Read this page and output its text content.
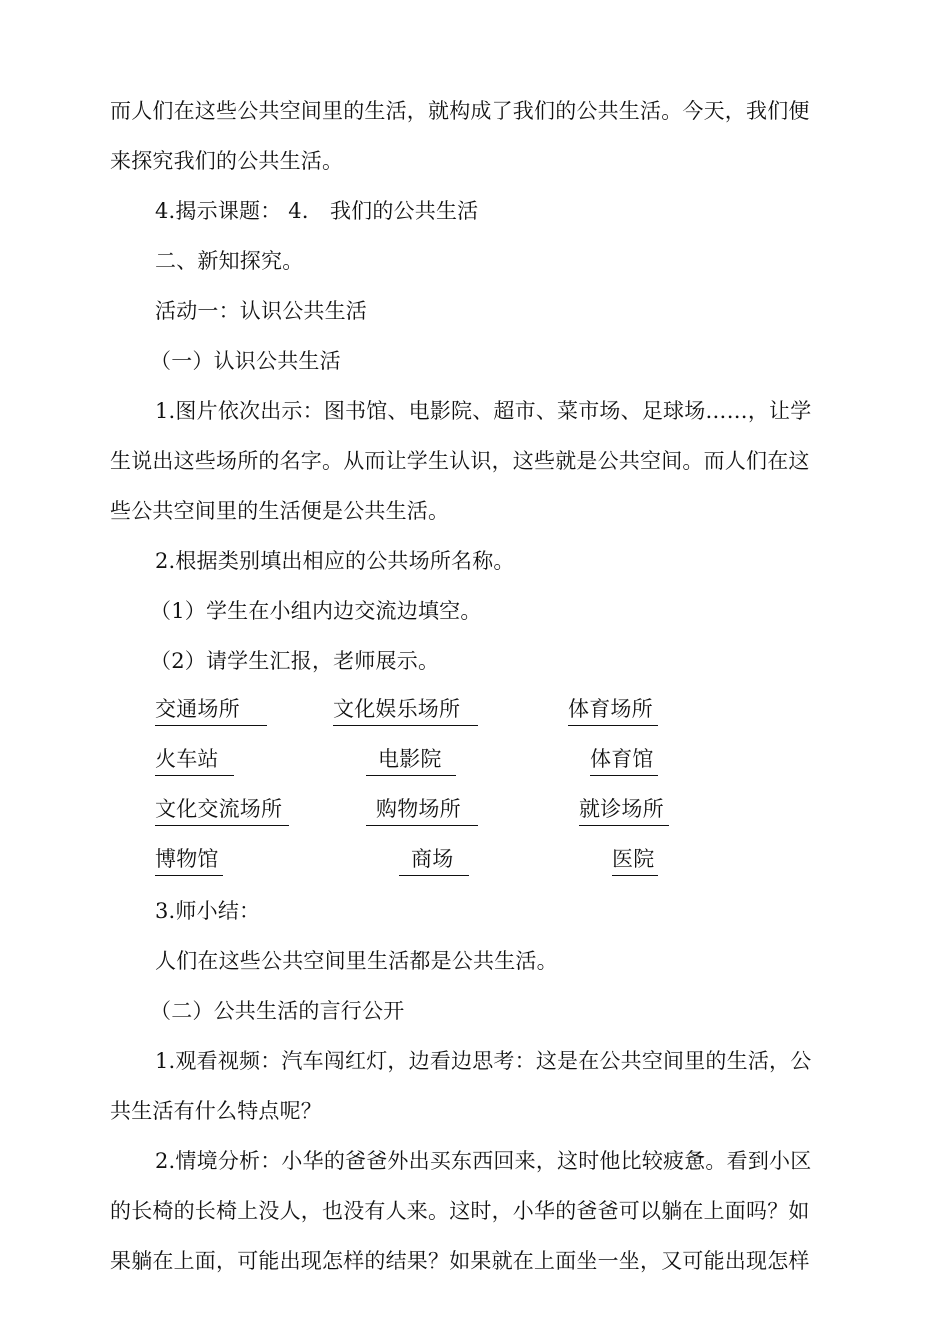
而人们在这些公共空间里的生活，就构成了我们的公共生活。今天，我们便
来探究我们的公共生活。
4.揭示课题： 4． 我们的公共生活
二、新知探究。
活动一：认识公共生活
（一）认识公共生活
1.图片依次出示：图书馆、电影院、超市、菜市场、足球场……，让学
生说出这些场所的名字。从而让学生认识，这些就是公共空间。而人们在这
些公共空间里的生活便是公共生活。
2.根据类别填出相应的公共场所名称。
（1）学生在小组内边交流边填空。
（2）请学生汇报，老师展示。
交通场所	文化娱乐场所	体育场所
火车站	电影院	体育馆
文化交流场所	购物场所	就诊场所
博物馆	商场	医院
3.师小结：
人们在这些公共空间里生活都是公共生活。
（二）公共生活的言行公开
1.观看视频：汽车闯红灯，边看边思考：这是在公共空间里的生活，公
共生活有什么特点呢？
2.情境分析：小华的爸爸外出买东西回来，这时他比较疲惫。看到小区
的长椅的长椅上没人，也没有人来。这时，小华的爸爸可以躺在上面吗？如
果躺在上面，可能出现怎样的结果？如果就在上面坐一坐，又可能出现怎样
